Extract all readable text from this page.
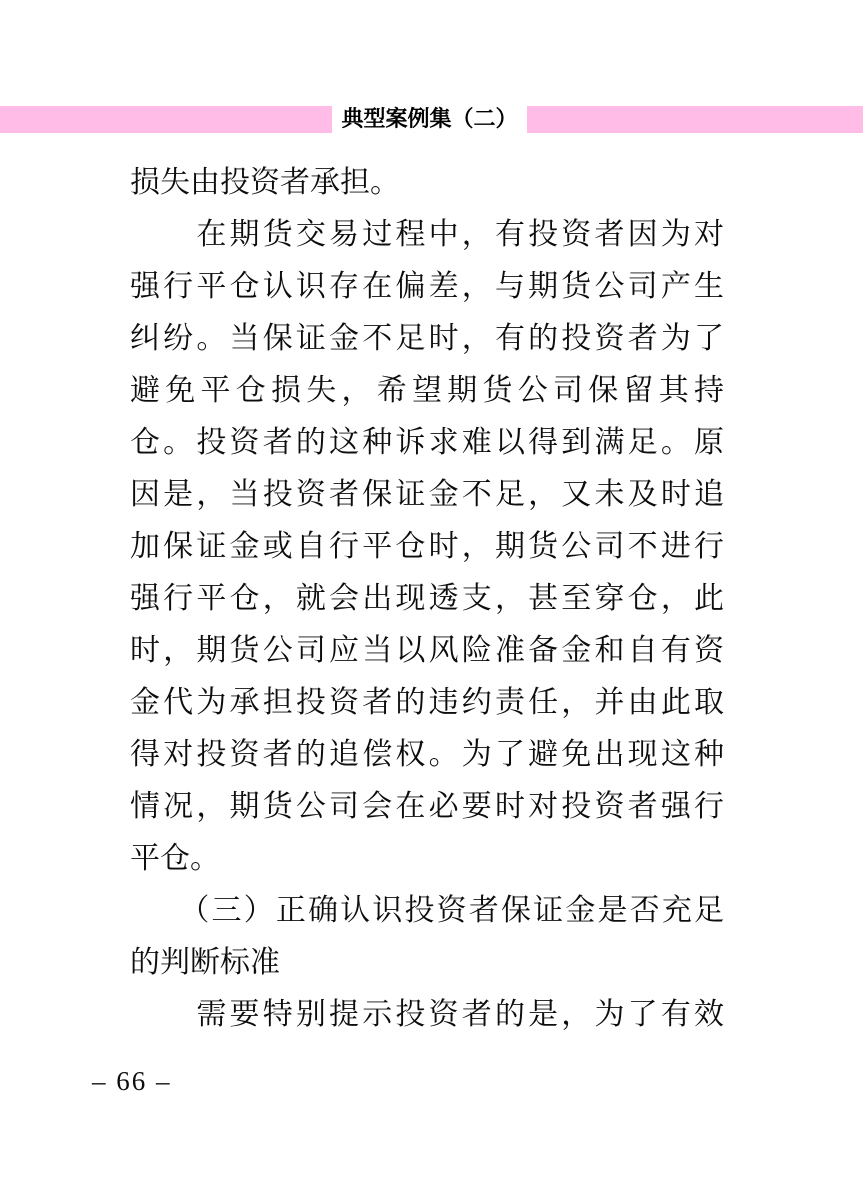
典型案例集（二）
损失由投资者承担。
　　在期货交易过程中，有投资者因为对
强行平仓认识存在偏差，与期货公司产生
纠纷。当保证金不足时，有的投资者为了
避免平仓损失，希望期货公司保留其持
仓。投资者的这种诉求难以得到满足。原
因是，当投资者保证金不足，又未及时追
加保证金或自行平仓时，期货公司不进行
强行平仓，就会出现透支，甚至穿仓，此
时，期货公司应当以风险准备金和自有资
金代为承担投资者的违约责任，并由此取
得对投资者的追偿权。为了避免出现这种
情况，期货公司会在必要时对投资者强行
平仓。
　　（三）正确认识投资者保证金是否充足
的判断标准
　　需要特别提示投资者的是，为了有效
– 66 –
